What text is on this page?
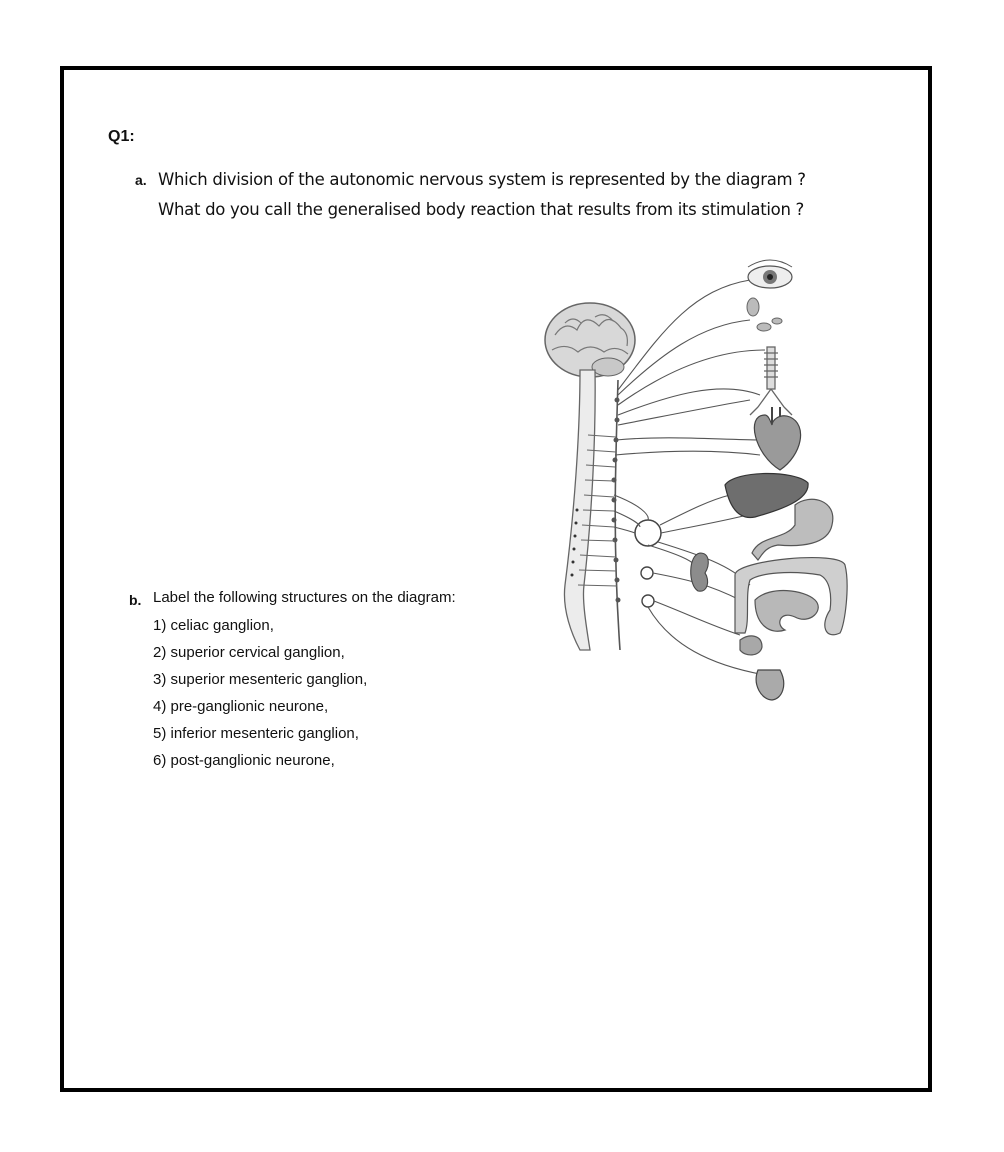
Q1:
a. Which division of the autonomic nervous system is represented by the diagram ?
What do you call the generalised body reaction that results from its stimulation ?
b. Label the following structures on the diagram:
1) celiac ganglion,
2) superior cervical ganglion,
3) superior mesenteric ganglion,
4) pre-ganglionic neurone,
5) inferior mesenteric ganglion,
6) post-ganglionic neurone,
